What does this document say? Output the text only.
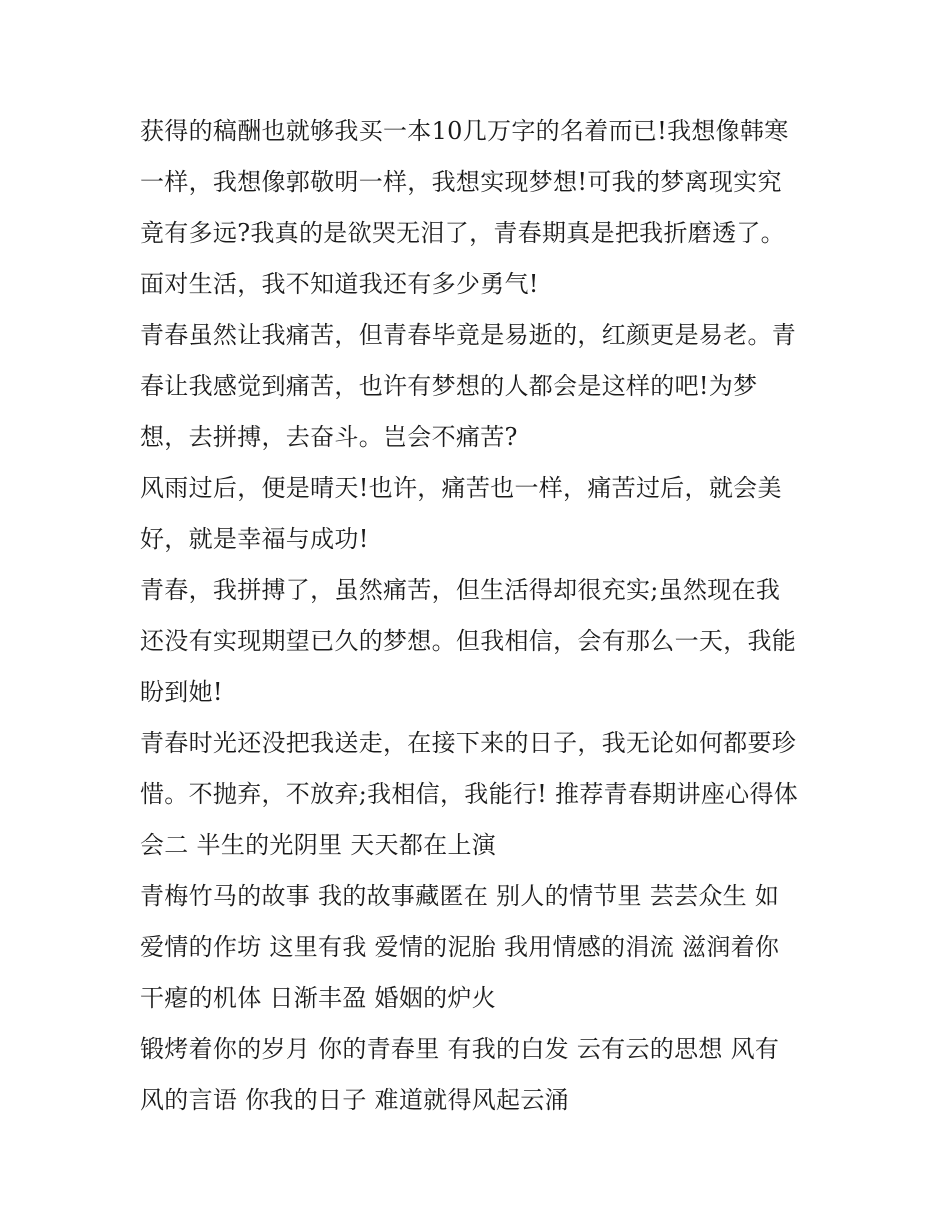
获得的稿酬也就够我买一本10几万字的名着而已!我想像韩寒
一样，我想像郭敬明一样，我想实现梦想!可我的梦离现实究
竟有多远?我真的是欲哭无泪了，青春期真是把我折磨透了。
面对生活，我不知道我还有多少勇气!
青春虽然让我痛苦，但青春毕竟是易逝的，红颜更是易老。青
春让我感觉到痛苦，也许有梦想的人都会是这样的吧!为梦
想，去拼搏，去奋斗。岂会不痛苦?
风雨过后，便是晴天!也许，痛苦也一样，痛苦过后，就会美
好，就是幸福与成功!
青春，我拼搏了，虽然痛苦，但生活得却很充实;虽然现在我
还没有实现期望已久的梦想。但我相信，会有那么一天，我能
盼到她!
青春时光还没把我送走，在接下来的日子，我无论如何都要珍
惜。不抛弃，不放弃;我相信，我能行! 推荐青春期讲座心得体
会二 半生的光阴里 天天都在上演
青梅竹马的故事 我的故事藏匿在 别人的情节里 芸芸众生 如
爱情的作坊 这里有我 爱情的泥胎 我用情感的涓流 滋润着你
干瘪的机体 日渐丰盈 婚姻的炉火
锻烤着你的岁月 你的青春里 有我的白发 云有云的思想 风有
风的言语 你我的日子 难道就得风起云涌
